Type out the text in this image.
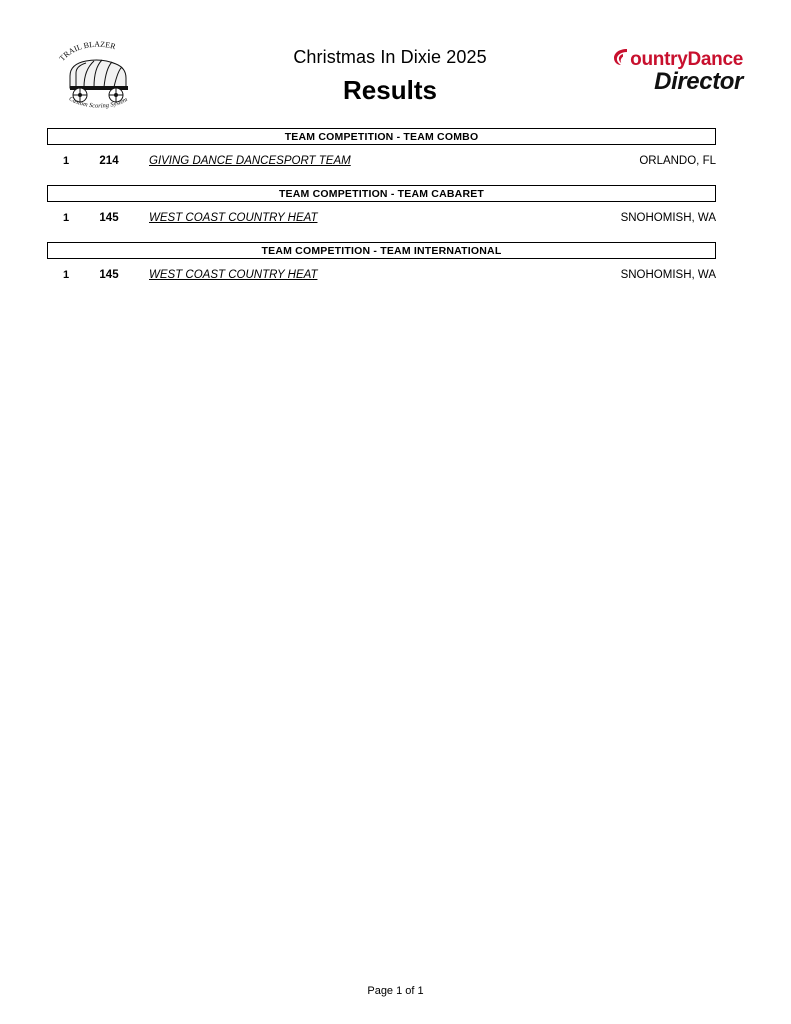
TRAIL BLAZER
Custom Scoring System
Christmas In Dixie 2025
Results
ountryDance
Director
TEAM COMPETITION - TEAM COMBO
1	214	GIVING DANCE DANCESPORT TEAM	ORLANDO, FL
TEAM COMPETITION - TEAM CABARET
1	145	WEST COAST COUNTRY HEAT	SNOHOMISH, WA
TEAM COMPETITION - TEAM INTERNATIONAL
1	145	WEST COAST COUNTRY HEAT	SNOHOMISH, WA
Page 1 of 1
